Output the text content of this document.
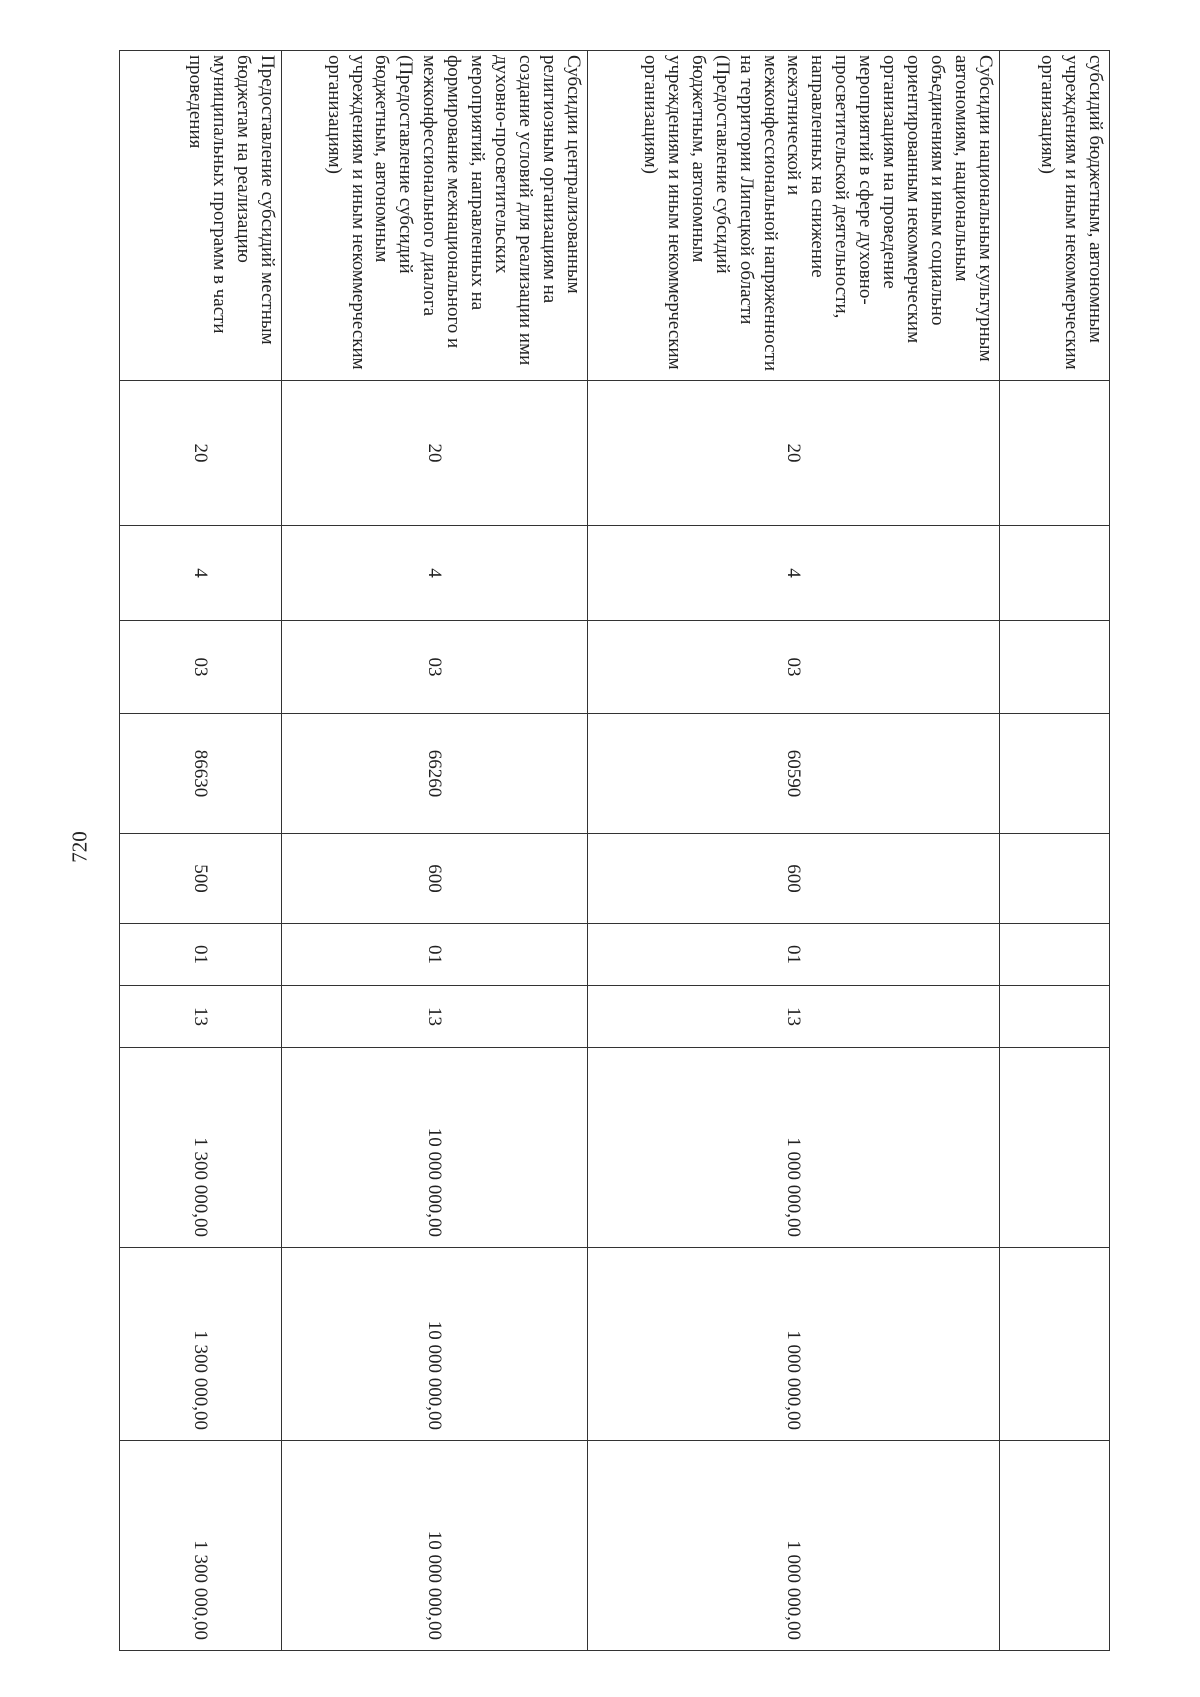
720
субсидий бюджетным, автономным учреждениям и иным некоммерческим организациям)										
Субсидии национальным культурным автономиям, национальным объединениям и иным социально ориентированным некоммерческим организациям на проведение мероприятий в сфере духовно-просветительской деятельности, направленных на снижение межэтнической и межконфессиональной напряженности на территории Липецкой области (Предоставление субсидий бюджетным, автономным учреждениям и иным некоммерческим организациям)	20	4	03	60590	600	01	13	1 000 000,00	1 000 000,00	1 000 000,00
Субсидии централизованным религиозным организациям на создание условий для реализации ими духовно-просветительских мероприятий, направленных на формирование межнационального и межконфессионального диалога (Предоставление субсидий бюджетным, автономным учреждениям и иным некоммерческим организациям)	20	4	03	66260	600	01	13	10 000 000,00	10 000 000,00	10 000 000,00
Предоставление субсидий местным бюджетам на реализацию муниципальных программ в части проведения	20	4	03	86630	500	01	13	1 300 000,00	1 300 000,00	1 300 000,00
